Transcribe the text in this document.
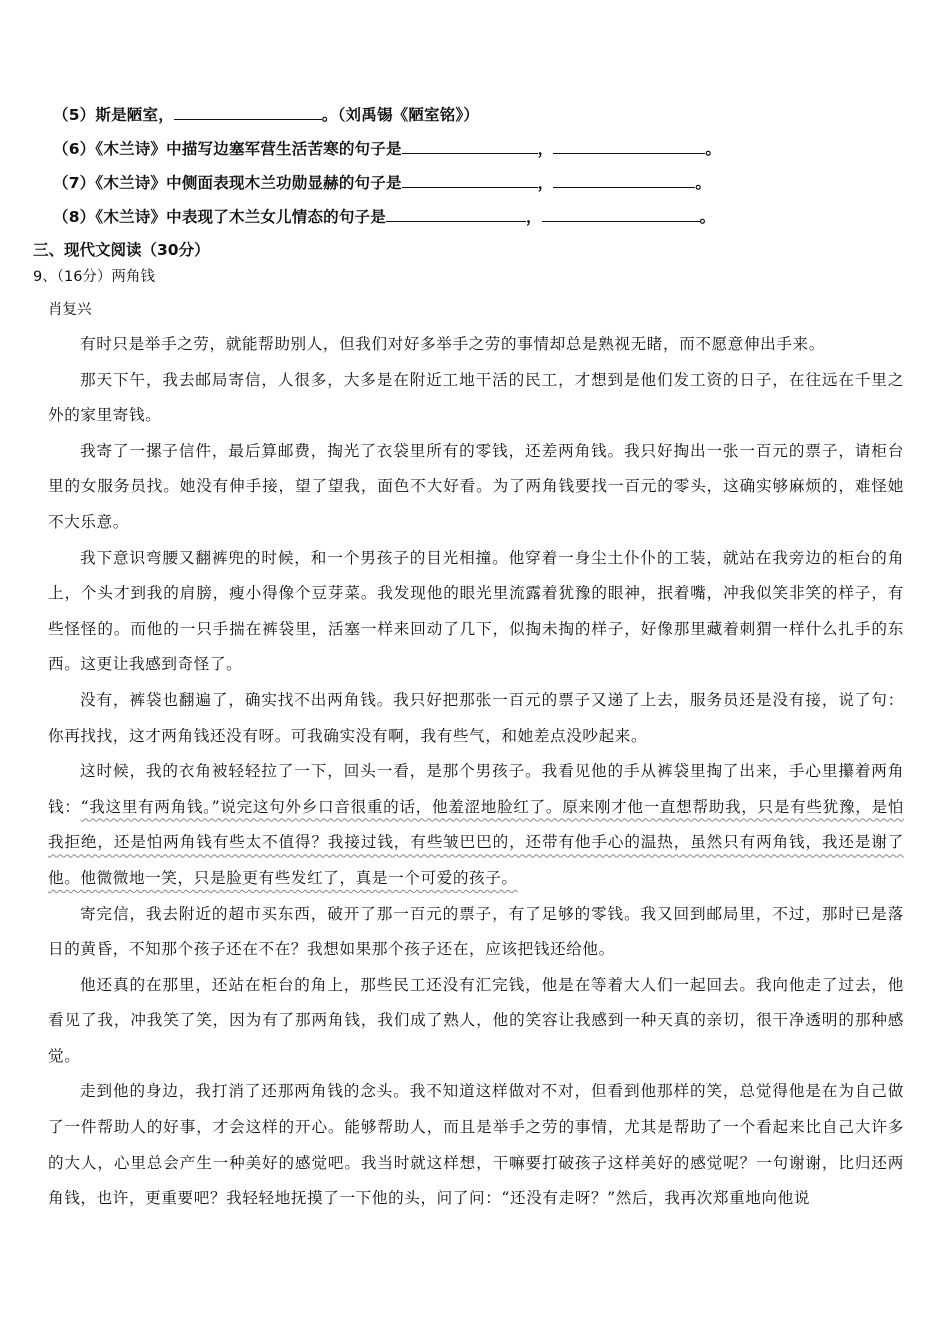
（5）斯是陋室，	。（刘禹锡《陋室铭》）
（6）《木兰诗》中描写边塞军营生活苦寒的句子是	，	。
（7）《木兰诗》中侧面表现木兰功勋显赫的句子是	，	。
（8）《木兰诗》中表现了木兰女儿情态的句子是	，	。
三、现代文阅读（30分）
9、（16分）两角钱
肖复兴

有时只是举手之劳，就能帮助别人，但我们对好多举手之劳的事情却总是熟视无睹，而不愿意伸出手来。

那天下午，我去邮局寄信，人很多，大多是在附近工地干活的民工，才想到是他们发工资的日子，在往远在千里之外的家里寄钱。

我寄了一摞子信件，最后算邮费，掏光了衣袋里所有的零钱，还差两角钱。我只好掏出一张一百元的票子，请柜台里的女服务员找。她没有伸手接，望了望我，面色不大好看。为了两角钱要找一百元的零头，这确实够麻烦的，难怪她不大乐意。

我下意识弯腰又翻裤兜的时候，和一个男孩子的目光相撞。他穿着一身尘土仆仆的工装，就站在我旁边的柜台的角上，个头才到我的肩膀，瘦小得像个豆芽菜。我发现他的眼光里流露着犹豫的眼神，抿着嘴，冲我似笑非笑的样子，有些怪怪的。而他的一只手揣在裤袋里，活塞一样来回动了几下，似掏未掏的样子，好像那里藏着刺猬一样什么扎手的东西。这更让我感到奇怪了。

没有，裤袋也翻遍了，确实找不出两角钱。我只好把那张一百元的票子又递了上去，服务员还是没有接，说了句：你再找找，这才两角钱还没有呀。可我确实没有啊，我有些气，和她差点没吵起来。

这时候，我的衣角被轻轻拉了一下，回头一看，是那个男孩子。我看见他的手从裤袋里掏了出来，手心里攥着两角钱：“我这里有两角钱。”说完这句外乡口音很重的话，他羞涩地脸红了。原来刚才他一直想帮助我，只是有些犹豫，是怕我拒绝，还是怕两角钱有些太不值得？我接过钱，有些皱巴巴的，还带有他手心的温热，虽然只有两角钱，我还是谢了他。他微微地一笑，只是脸更有些发红了，真是一个可爱的孩子。

寄完信，我去附近的超市买东西，破开了那一百元的票子，有了足够的零钱。我又回到邮局里，不过，那时已是落日的黄昏，不知那个孩子还在不在？我想如果那个孩子还在，应该把钱还给他。

他还真的在那里，还站在柜台的角上，那些民工还没有汇完钱，他是在等着大人们一起回去。我向他走了过去，他看见了我，冲我笑了笑，因为有了那两角钱，我们成了熟人，他的笑容让我感到一种天真的亲切，很干净透明的那种感觉。

走到他的身边，我打消了还那两角钱的念头。我不知道这样做对不对，但看到他那样的笑，总觉得他是在为自己做了一件帮助人的好事，才会这样的开心。能够帮助人，而且是举手之劳的事情，尤其是帮助了一个看起来比自己大许多的大人，心里总会产生一种美好的感觉吧。我当时就这样想，干嘛要打破孩子这样美好的感觉呢？一句谢谢，比归还两角钱，也许，更重要吧？我轻轻地抚摸了一下他的头，问了问：“还没有走呀？”然后，我再次郑重地向他说
